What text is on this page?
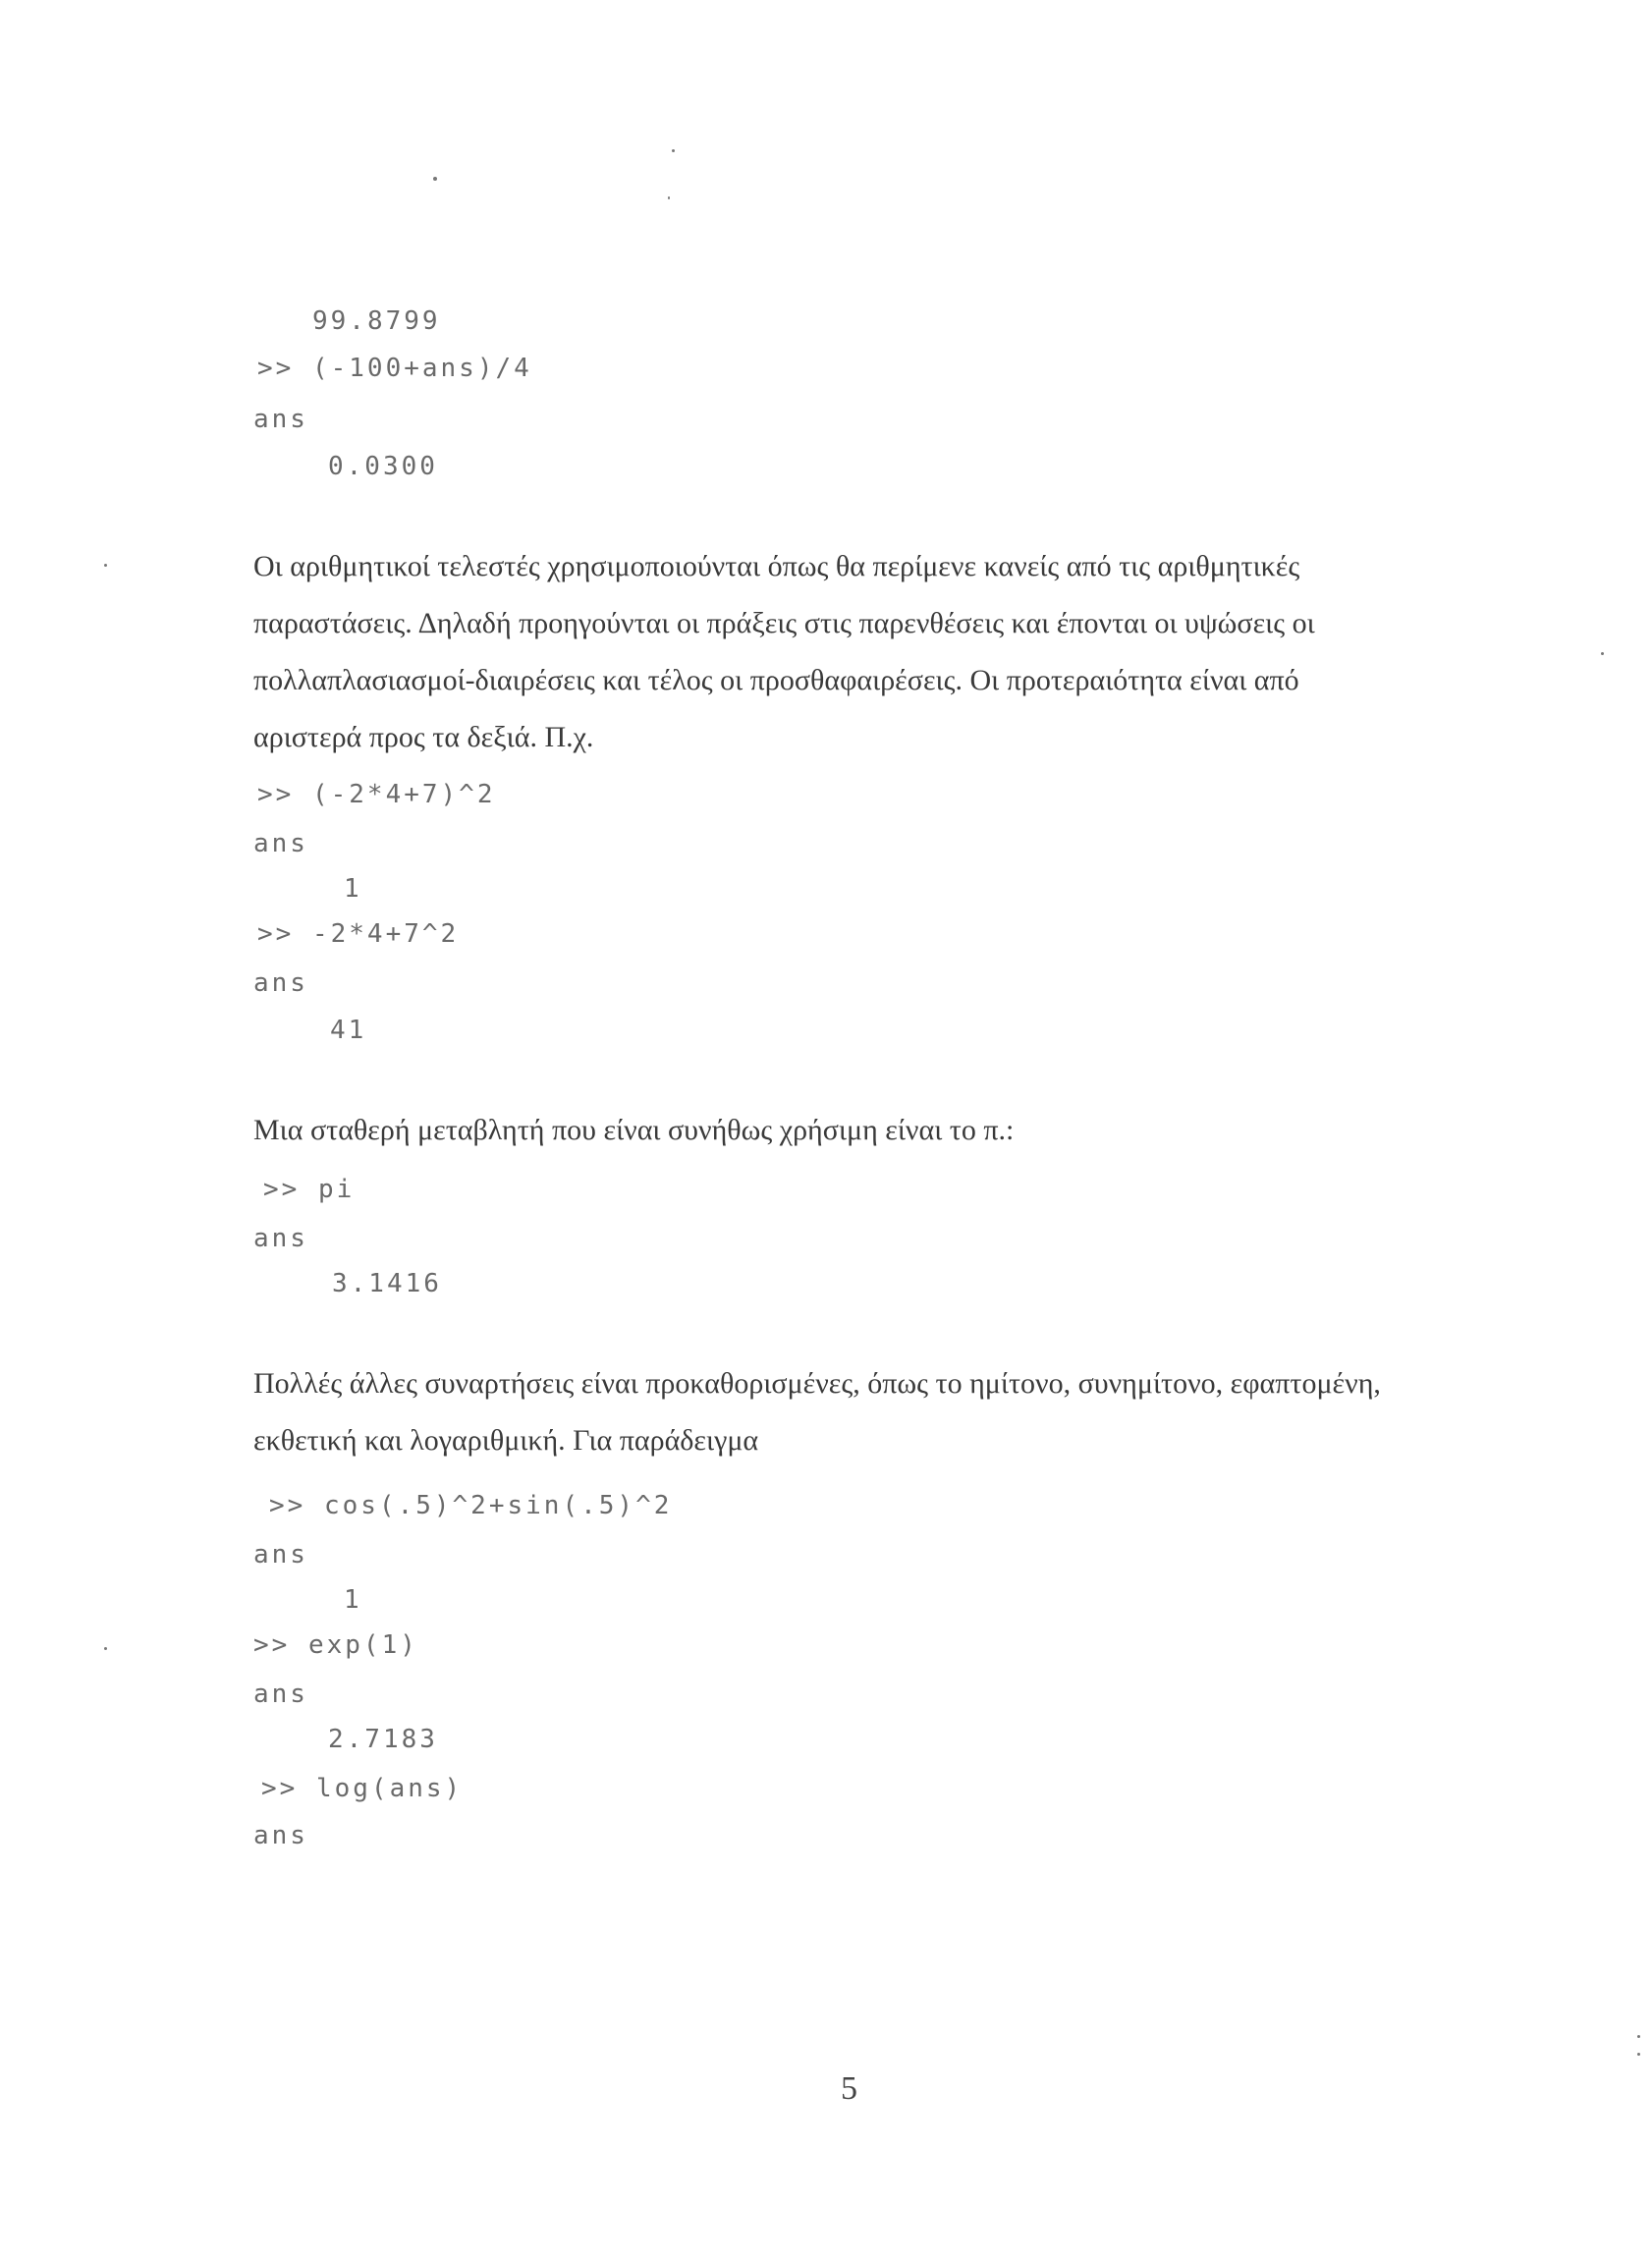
99.8799
>> (-100+ans)/4
ans
0.0300

Οι αριθμητικοί τελεστές χρησιμοποιούνται όπως θα περίμενε κανείς από τις αριθμητικές παραστάσεις. Δηλαδή προηγούνται οι πράξεις στις παρενθέσεις και έπονται οι υψώσεις οι πολλαπλασιασμοί-διαιρέσεις και τέλος οι προσθαφαιρέσεις. Οι προτεραιότητα είναι από αριστερά προς τα δεξιά. Π.χ.

>> (-2*4+7)^2
ans
1
>> -2*4+7^2
ans
41

Μια σταθερή μεταβλητή που είναι συνήθως χρήσιμη είναι το π.:

>> pi
ans
3.1416

Πολλές άλλες συναρτήσεις είναι προκαθορισμένες, όπως το ημίτονο, συνημίτονο, εφαπτομένη, εκθετική και λογαριθμική. Για παράδειγμα

>> cos(.5)^2+sin(.5)^2
ans
1
>> exp(1)
ans
2.7183
>> log(ans)
ans
5
